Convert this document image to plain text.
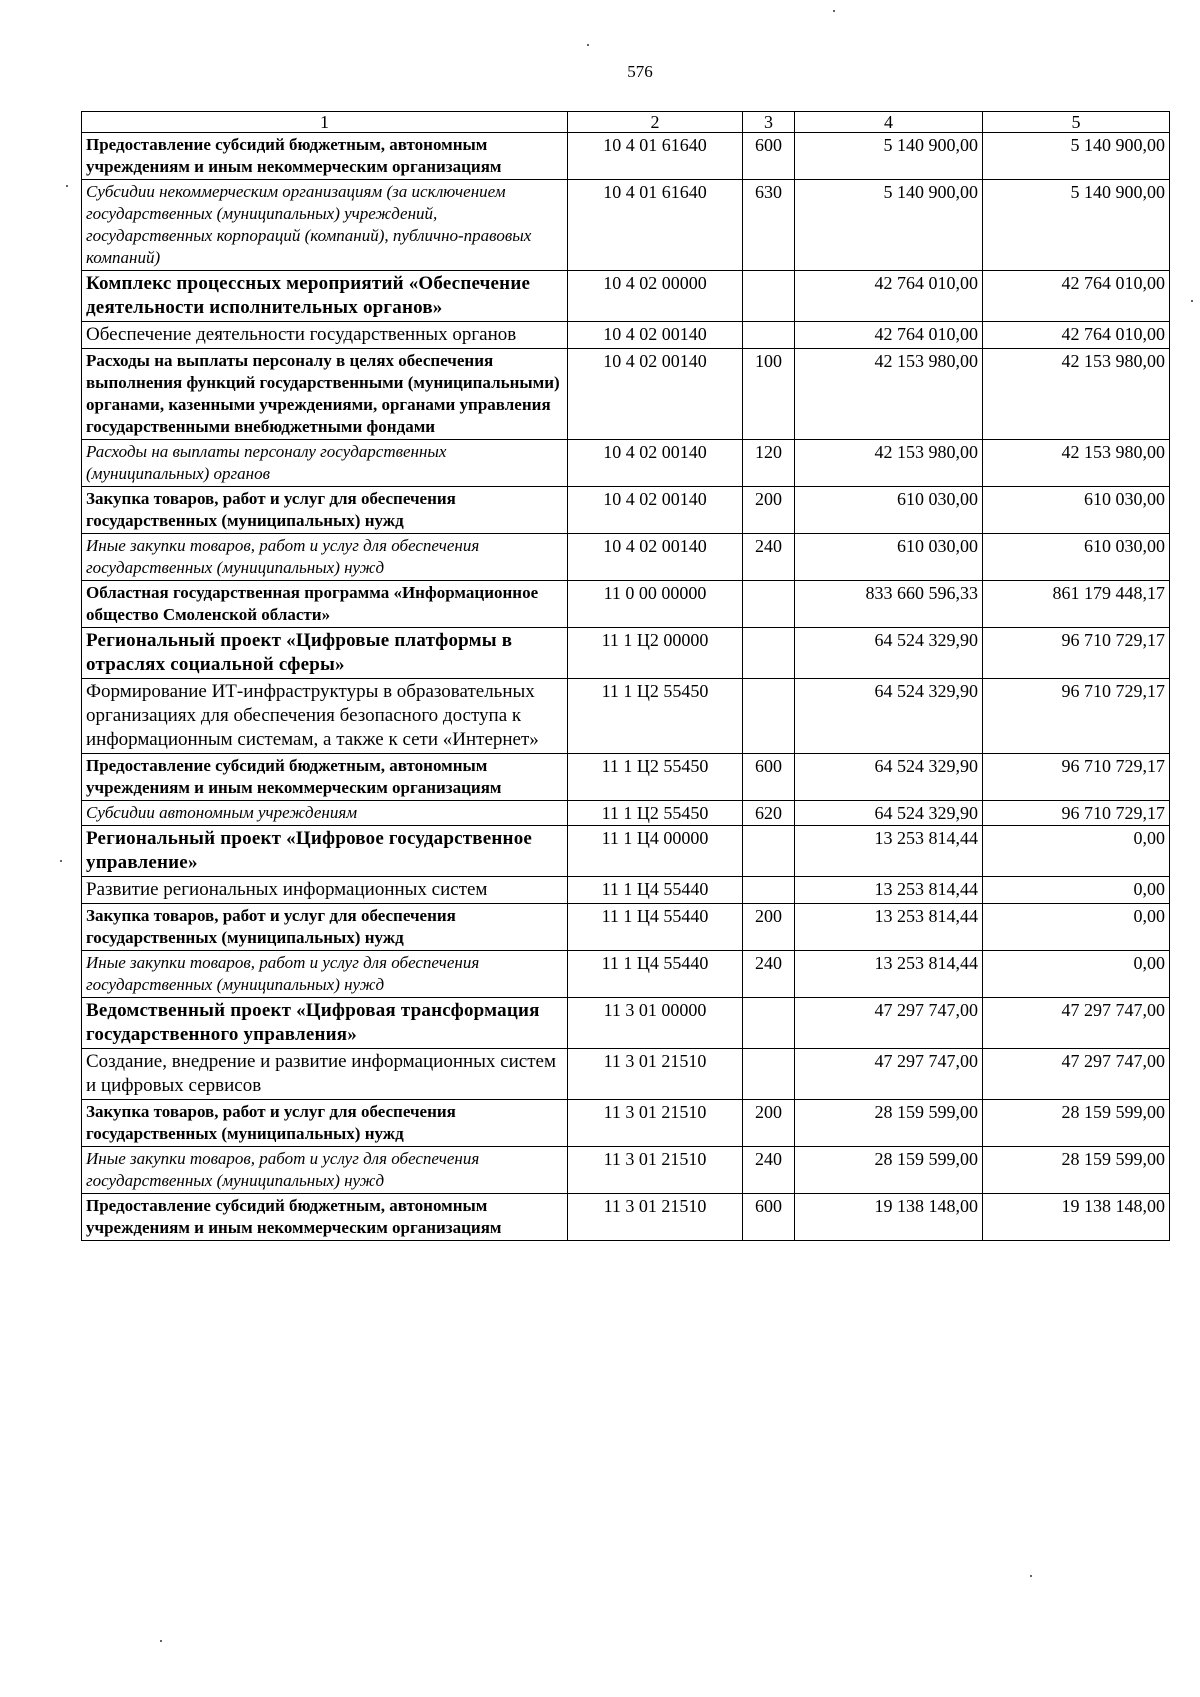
576
1	2	3	4	5
Предоставление субсидий бюджетным, автономным учреждениям и иным некоммерческим организациям	10 4 01 61640	600	5 140 900,00	5 140 900,00
Субсидии некоммерческим организациям (за исключением государственных (муниципальных) учреждений, государственных корпораций (компаний), публично-правовых компаний)	10 4 01 61640	630	5 140 900,00	5 140 900,00
Комплекс процессных мероприятий «Обеспечение деятельности исполнительных органов»	10 4 02 00000		42 764 010,00	42 764 010,00
Обеспечение деятельности государственных органов	10 4 02 00140		42 764 010,00	42 764 010,00
Расходы на выплаты персоналу в целях обеспечения выполнения функций государственными (муниципальными) органами, казенными учреждениями, органами управления государственными внебюджетными фондами	10 4 02 00140	100	42 153 980,00	42 153 980,00
Расходы на выплаты персоналу государственных (муниципальных) органов	10 4 02 00140	120	42 153 980,00	42 153 980,00
Закупка товаров, работ и услуг для обеспечения государственных (муниципальных) нужд	10 4 02 00140	200	610 030,00	610 030,00
Иные закупки товаров, работ и услуг для обеспечения государственных (муниципальных) нужд	10 4 02 00140	240	610 030,00	610 030,00
Областная государственная программа «Информационное общество Смоленской области»	11 0 00 00000		833 660 596,33	861 179 448,17
Региональный проект «Цифровые платформы в отраслях социальной сферы»	11 1 Ц2 00000		64 524 329,90	96 710 729,17
Формирование ИТ-инфраструктуры в образовательных организациях для обеспечения безопасного доступа к информационным системам, а также к сети «Интернет»	11 1 Ц2 55450		64 524 329,90	96 710 729,17
Предоставление субсидий бюджетным, автономным учреждениям и иным некоммерческим организациям	11 1 Ц2 55450	600	64 524 329,90	96 710 729,17
Субсидии автономным учреждениям	11 1 Ц2 55450	620	64 524 329,90	96 710 729,17
Региональный проект «Цифровое государственное управление»	11 1 Ц4 00000		13 253 814,44	0,00
Развитие региональных информационных систем	11 1 Ц4 55440		13 253 814,44	0,00
Закупка товаров, работ и услуг для обеспечения государственных (муниципальных) нужд	11 1 Ц4 55440	200	13 253 814,44	0,00
Иные закупки товаров, работ и услуг для обеспечения государственных (муниципальных) нужд	11 1 Ц4 55440	240	13 253 814,44	0,00
Ведомственный проект «Цифровая трансформация государственного управления»	11 3 01 00000		47 297 747,00	47 297 747,00
Создание, внедрение и развитие информационных систем и цифровых сервисов	11 3 01 21510		47 297 747,00	47 297 747,00
Закупка товаров, работ и услуг для обеспечения государственных (муниципальных) нужд	11 3 01 21510	200	28 159 599,00	28 159 599,00
Иные закупки товаров, работ и услуг для обеспечения государственных (муниципальных) нужд	11 3 01 21510	240	28 159 599,00	28 159 599,00
Предоставление субсидий бюджетным, автономным учреждениям и иным некоммерческим организациям	11 3 01 21510	600	19 138 148,00	19 138 148,00
